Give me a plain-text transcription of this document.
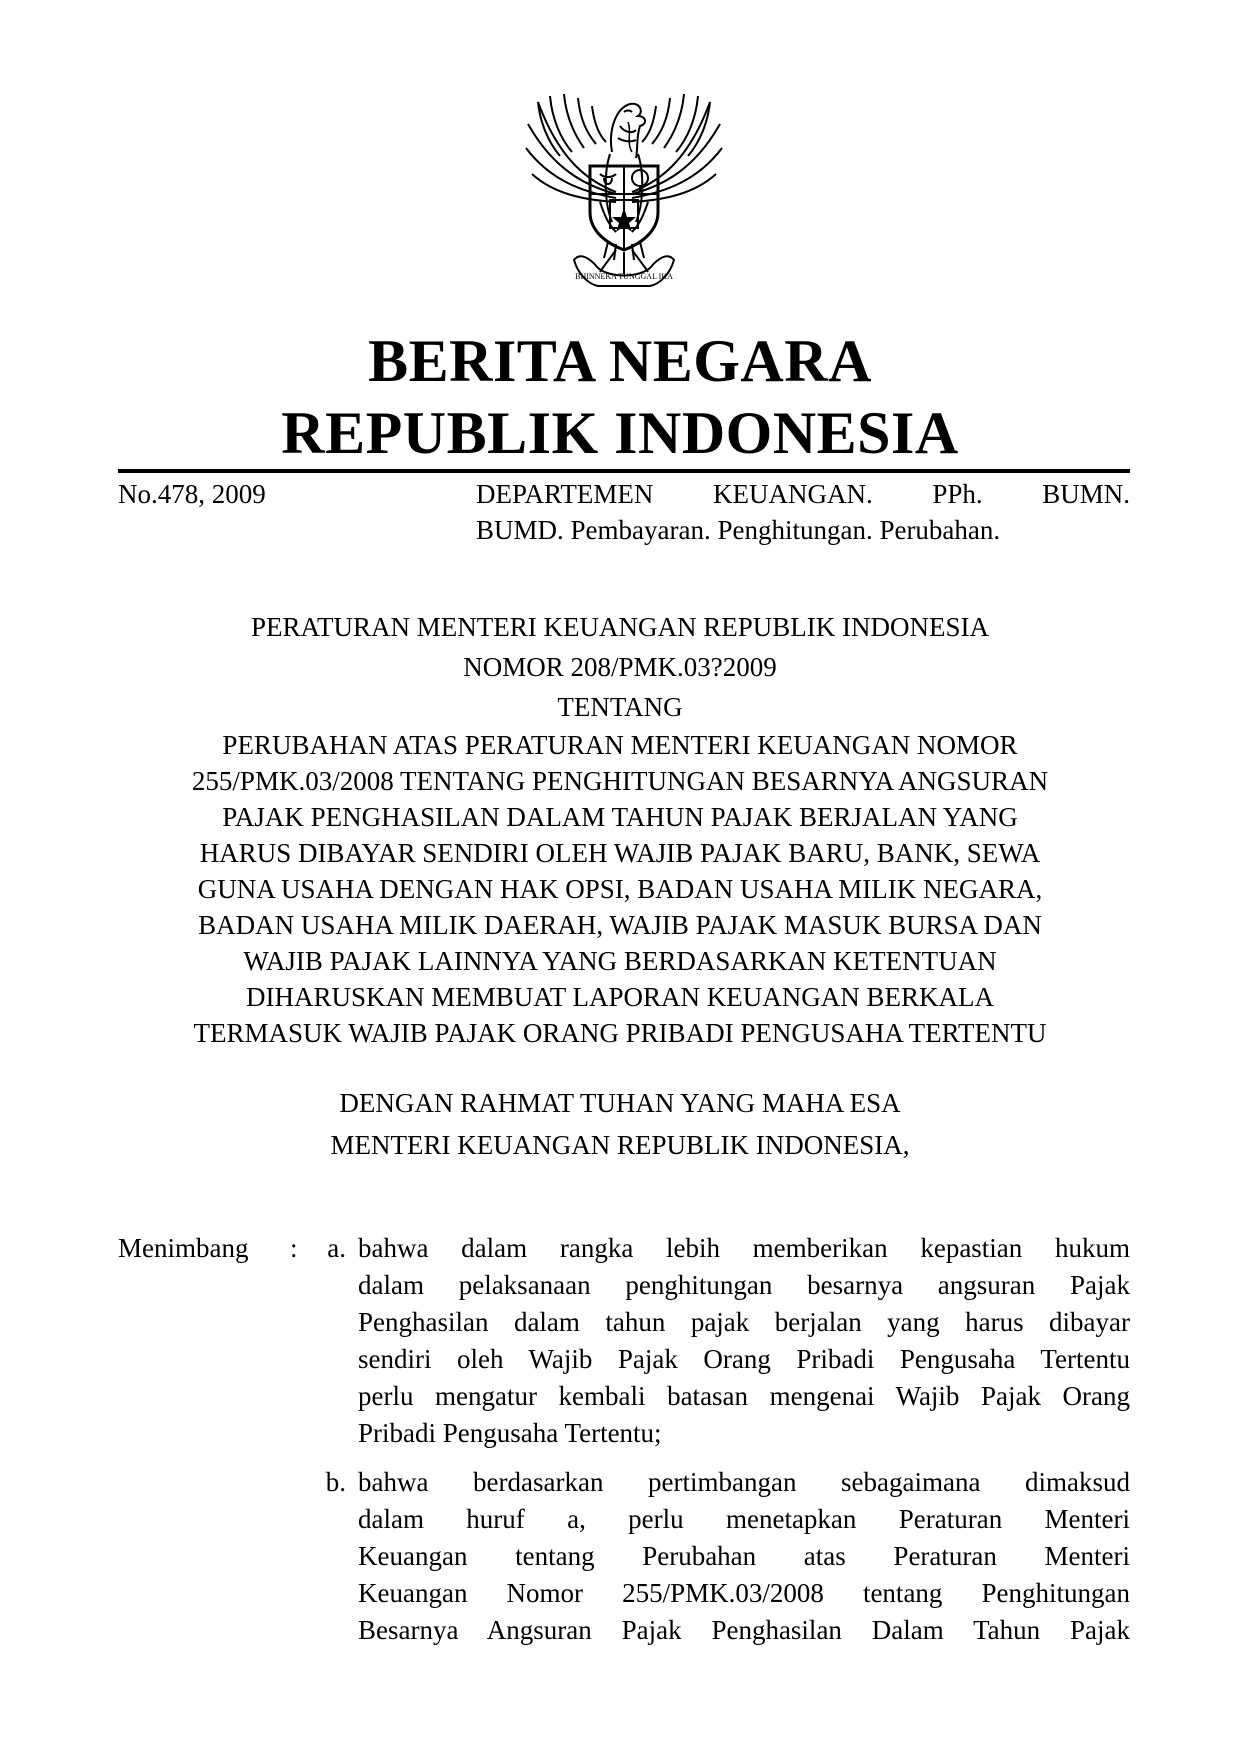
BHINNEKA TUNGGAL IKA
BERITA NEGARA
REPUBLIK INDONESIA
No.478, 2009	DEPARTEMEN KEUANGAN. PPh. BUMN.
BUMD. Pembayaran. Penghitungan. Perubahan.
PERATURAN MENTERI KEUANGAN REPUBLIK INDONESIA
NOMOR 208/PMK.03?2009
TENTANG
PERUBAHAN ATAS PERATURAN MENTERI KEUANGAN NOMOR
255/PMK.03/2008 TENTANG PENGHITUNGAN BESARNYA ANGSURAN
PAJAK PENGHASILAN DALAM TAHUN PAJAK BERJALAN YANG
HARUS DIBAYAR SENDIRI OLEH WAJIB PAJAK BARU, BANK, SEWA
GUNA USAHA DENGAN HAK OPSI, BADAN USAHA MILIK NEGARA,
BADAN USAHA MILIK DAERAH, WAJIB PAJAK MASUK BURSA DAN
WAJIB PAJAK LAINNYA YANG BERDASARKAN KETENTUAN
DIHARUSKAN MEMBUAT LAPORAN KEUANGAN BERKALA
TERMASUK WAJIB PAJAK ORANG PRIBADI PENGUSAHA TERTENTU
DENGAN RAHMAT TUHAN YANG MAHA ESA
MENTERI KEUANGAN REPUBLIK INDONESIA,
Menimbang :	a. bahwa dalam rangka lebih memberikan kepastian hukum
dalam pelaksanaan penghitungan besarnya angsuran Pajak
Penghasilan dalam tahun pajak berjalan yang harus dibayar
sendiri oleh Wajib Pajak Orang Pribadi Pengusaha Tertentu
perlu mengatur kembali batasan mengenai Wajib Pajak Orang
Pribadi Pengusaha Tertentu;
b. bahwa berdasarkan pertimbangan sebagaimana dimaksud
dalam huruf a, perlu menetapkan Peraturan Menteri
Keuangan tentang Perubahan atas Peraturan Menteri
Keuangan Nomor 255/PMK.03/2008 tentang Penghitungan
Besarnya Angsuran Pajak Penghasilan Dalam Tahun Pajak
